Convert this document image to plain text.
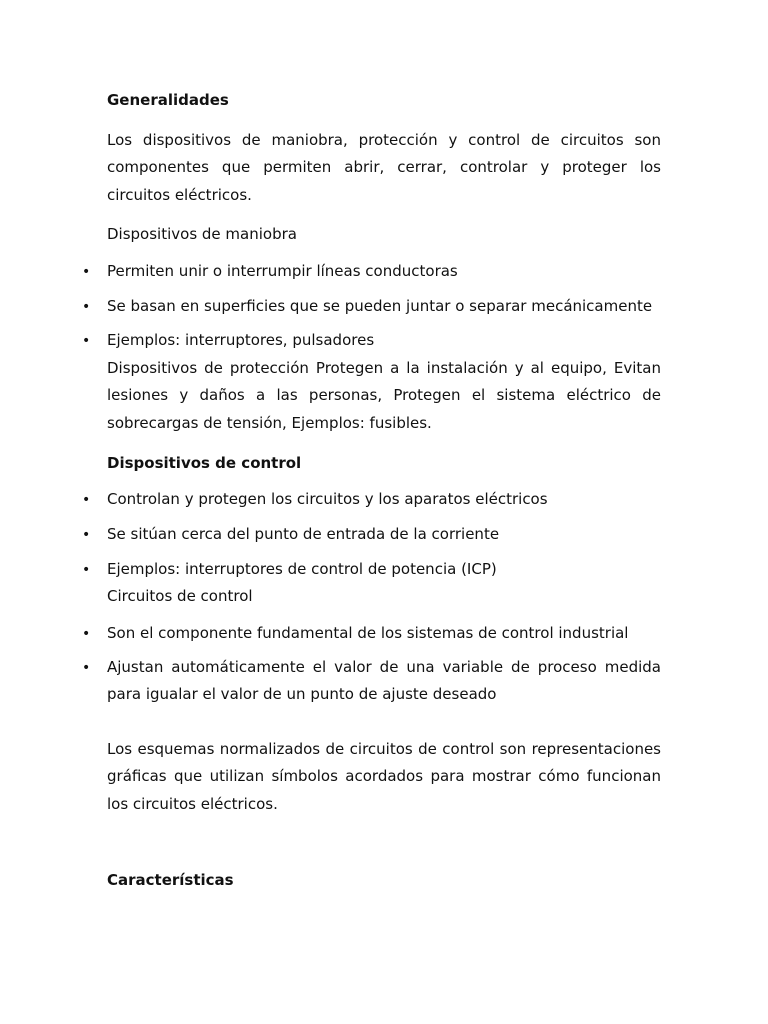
Generalidades
Los dispositivos de maniobra, protección y control de circuitos son componentes que permiten abrir, cerrar, controlar y proteger los circuitos eléctricos.
Dispositivos de maniobra
• Permiten unir o interrumpir líneas conductoras
• Se basan en superficies que se pueden juntar o separar mecánicamente
• Ejemplos: interruptores, pulsadores
Dispositivos de protección Protegen a la instalación y al equipo, Evitan lesiones y daños a las personas, Protegen el sistema eléctrico de sobrecargas de tensión, Ejemplos: fusibles.
Dispositivos de control
• Controlan y protegen los circuitos y los aparatos eléctricos
• Se sitúan cerca del punto de entrada de la corriente
• Ejemplos: interruptores de control de potencia (ICP)
Circuitos de control
• Son el componente fundamental de los sistemas de control industrial
• Ajustan automáticamente el valor de una variable de proceso medida para igualar el valor de un punto de ajuste deseado
Los esquemas normalizados de circuitos de control son representaciones gráficas que utilizan símbolos acordados para mostrar cómo funcionan los circuitos eléctricos.
Características
